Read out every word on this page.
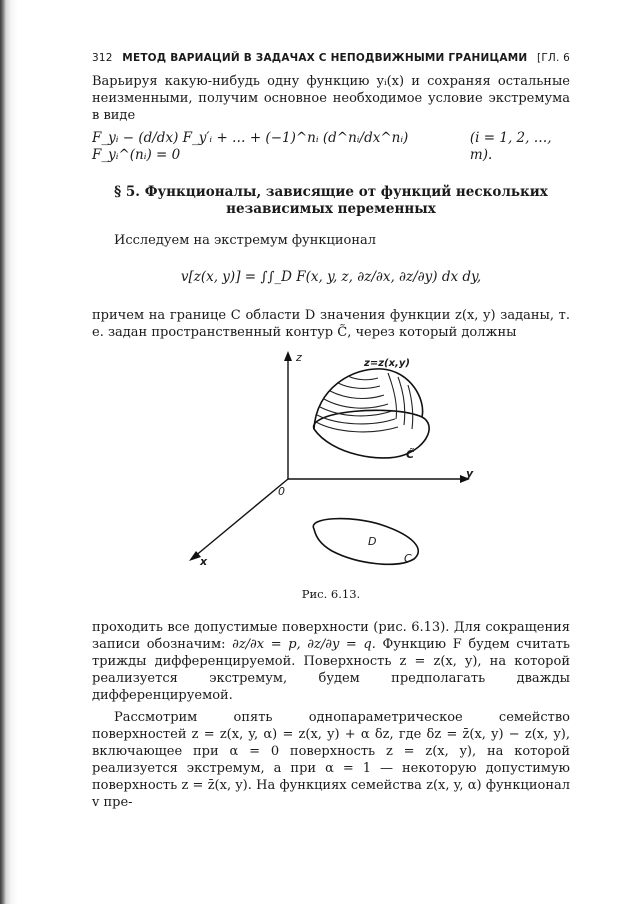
312 МЕТОД ВАРИАЦИЙ В ЗАДАЧАХ С НЕПОДВИЖНЫМИ ГРАНИЦАМИ [ГЛ. 6

Варьируя какую-нибудь одну функцию yᵢ(x) и сохраняя остальные неизменными, получим основное необходимое условие экстремума в виде

F_yᵢ − (d/dx) F_y′ᵢ + … + (−1)^nᵢ (d^nᵢ/dx^nᵢ) F_yᵢ^(nᵢ) = 0
(i = 1, 2, …, m).
§ 5. Функционалы, зависящие от функций нескольких независимых переменных

Исследуем на экстремум функционал

v[z(x, y)] = ∫∫_D F(x, y, z, ∂z/∂x, ∂z/∂y) dx dy,

причем на границе C области D значения функции z(x, y) заданы, т. е. задан пространственный контур C̃, через который должны

z
y
x
0
z=z(x,y)
C̃
D
C
Рис. 6.13.

проходить все допустимые поверхности (рис. 6.13). Для сокращения записи обозначим: ∂z/∂x = p, ∂z/∂y = q. Функцию F будем считать трижды дифференцируемой. Поверхность z = z(x, y), на которой реализуется экстремум, будем предполагать дважды дифференцируемой.

Рассмотрим опять однопараметрическое семейство поверхностей z = z(x, y, α) = z(x, y) + α δz, где δz = z̄(x, y) − z(x, y), включающее при α = 0 поверхность z = z(x, y), на которой реализуется экстремум, а при α = 1 — некоторую допустимую поверхность z = z̄(x, y). На функциях семейства z(x, y, α) функционал v пре-
